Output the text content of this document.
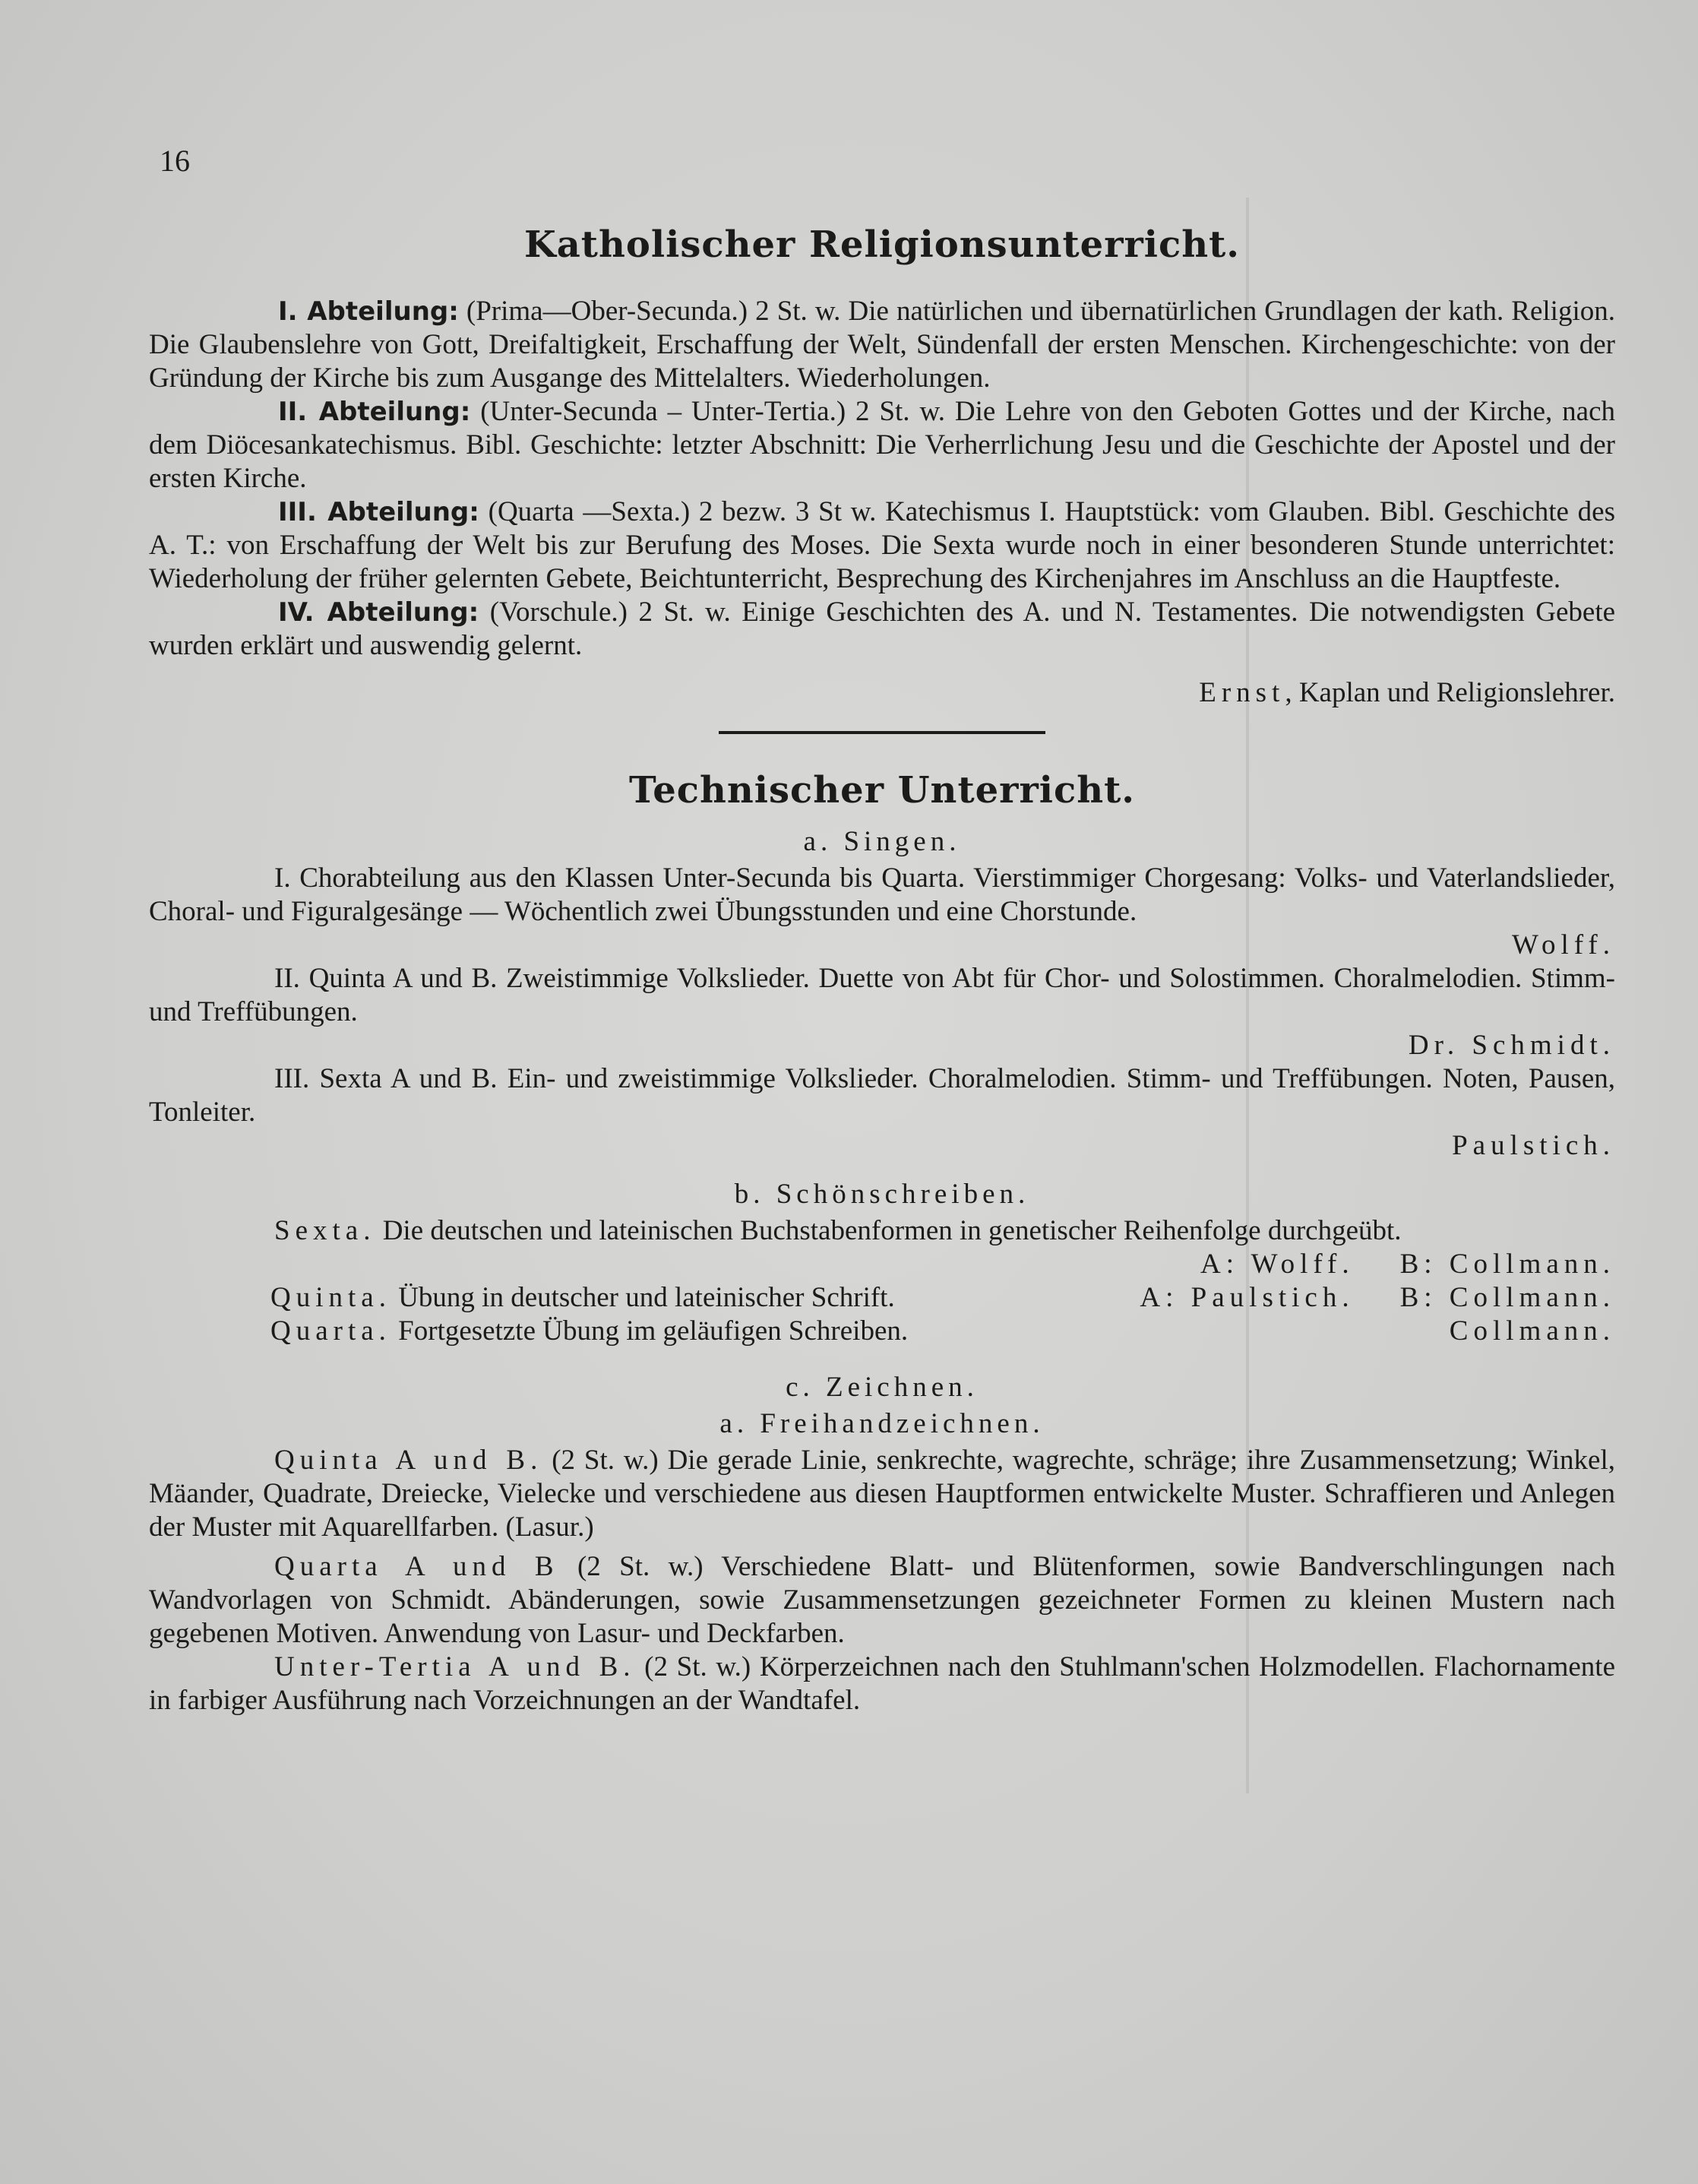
16
Katholischer Religionsunterricht.

I. Abteilung: (Prima—Ober-Secunda.) 2 St. w. Die natürlichen und übernatürlichen Grundlagen der kath. Religion. Die Glaubenslehre von Gott, Dreifaltigkeit, Erschaffung der Welt, Sündenfall der ersten Menschen. Kirchengeschichte: von der Gründung der Kirche bis zum Ausgange des Mittelalters. Wiederholungen.

II. Abteilung: (Unter-Secunda – Unter-Tertia.) 2 St. w. Die Lehre von den Geboten Gottes und der Kirche, nach dem Diöcesankatechismus. Bibl. Geschichte: letzter Abschnitt: Die Verherrlichung Jesu und die Geschichte der Apostel und der ersten Kirche.

III. Abteilung: (Quarta —Sexta.) 2 bezw. 3 St w. Katechismus I. Hauptstück: vom Glauben. Bibl. Geschichte des A. T.: von Erschaffung der Welt bis zur Berufung des Moses. Die Sexta wurde noch in einer besonderen Stunde unterrichtet: Wiederholung der früher gelernten Gebete, Beichtunterricht, Besprechung des Kirchenjahres im Anschluss an die Hauptfeste.

IV. Abteilung: (Vorschule.) 2 St. w. Einige Geschichten des A. und N. Testamentes. Die notwendigsten Gebete wurden erklärt und auswendig gelernt.

Ernst, Kaplan und Religionslehrer.

Technischer Unterricht.

a. Singen.

I. Chorabteilung aus den Klassen Unter-Secunda bis Quarta. Vierstimmiger Chorgesang: Volks- und Vaterlandslieder, Choral- und Figuralgesänge — Wöchentlich zwei Übungsstunden und eine Chorstunde.

Wolff.

II. Quinta A und B. Zweistimmige Volkslieder. Duette von Abt für Chor- und Solostimmen. Choralmelodien. Stimm- und Treffübungen.

Dr. Schmidt.

III. Sexta A und B. Ein- und zweistimmige Volkslieder. Choralmelodien. Stimm- und Treffübungen. Noten, Pausen, Tonleiter.

Paulstich.

b. Schönschreiben.

Sexta. Die deutschen und lateinischen Buchstabenformen in genetischer Reihenfolge durchgeübt.

A: Wolff. B: Collmann.

Quinta. Übung in deutscher und lateinischer Schrift.	A: Paulstich. B: Collmann.

Quarta. Fortgesetzte Übung im geläufigen Schreiben.	Collmann.

c. Zeichnen.

a. Freihandzeichnen.

Quinta A und B. (2 St. w.) Die gerade Linie, senkrechte, wagrechte, schräge; ihre Zusammensetzung; Winkel, Mäander, Quadrate, Dreiecke, Vielecke und verschiedene aus diesen Hauptformen entwickelte Muster. Schraffieren und Anlegen der Muster mit Aquarellfarben. (Lasur.)

Quarta A und B (2 St. w.) Verschiedene Blatt- und Blütenformen, sowie Bandverschlingungen nach Wandvorlagen von Schmidt. Abänderungen, sowie Zusammensetzungen gezeichneter Formen zu kleinen Mustern nach gegebenen Motiven. Anwendung von Lasur- und Deckfarben.

Unter-Tertia A und B. (2 St. w.) Körperzeichnen nach den Stuhlmann'schen Holzmodellen. Flachornamente in farbiger Ausführung nach Vorzeichnungen an der Wandtafel.
